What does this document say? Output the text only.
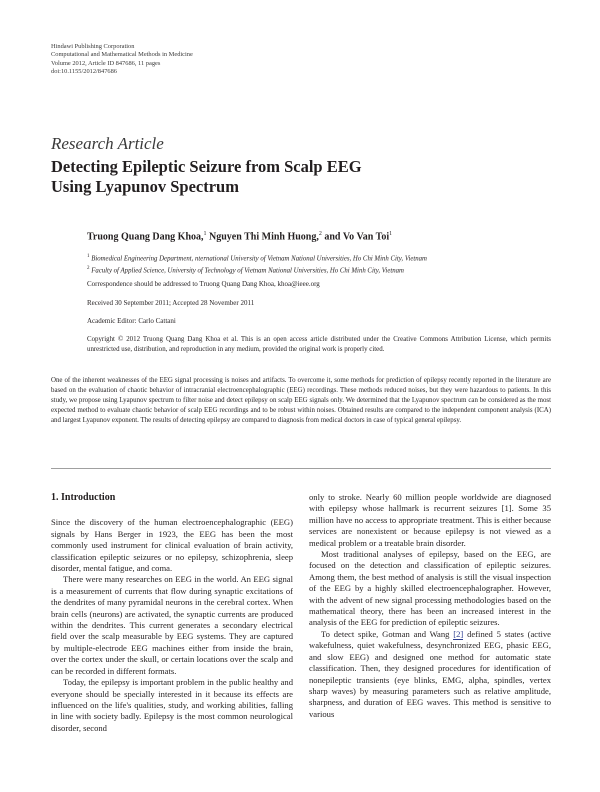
Hindawi Publishing Corporation
Computational and Mathematical Methods in Medicine
Volume 2012, Article ID 847686, 11 pages
doi:10.1155/2012/847686
Research Article
Detecting Epileptic Seizure from Scalp EEG
Using Lyapunov Spectrum
Truong Quang Dang Khoa,$^1$ Nguyen Thi Minh Huong,$^2$ and Vo Van Toi$^1$
$^1$ Biomedical Engineering Department, nternational University of Vietnam National Universities, Ho Chi Minh City, Vietnam
$^2$ Faculty of Applied Science, University of Technology of Vietnam National Universities, Ho Chi Minh City, Vietnam
Correspondence should be addressed to Truong Quang Dang Khoa, khoa@ieee.org
Received 30 September 2011; Accepted 28 November 2011
Academic Editor: Carlo Cattani
Copyright © 2012 Truong Quang Dang Khoa et al. This is an open access article distributed under the Creative Commons Attribution License, which permits unrestricted use, distribution, and reproduction in any medium, provided the original work is properly cited.
One of the inherent weaknesses of the EEG signal processing is noises and artifacts. To overcome it, some methods for prediction of epilepsy recently reported in the literature are based on the evaluation of chaotic behavior of intracranial electroencephalographic (EEG) recordings. These methods reduced noises, but they were hazardous to patients. In this study, we propose using Lyapunov spectrum to filter noise and detect epilepsy on scalp EEG signals only. We determined that the Lyapunov spectrum can be considered as the most expected method to evaluate chaotic behavior of scalp EEG recordings and to be robust within noises. Obtained results are compared to the independent component analysis (ICA) and largest Lyapunov exponent. The results of detecting epilepsy are compared to diagnosis from medical doctors in case of typical general epilepsy.

1. Introduction

Since the discovery of the human electroencephalographic (EEG) signals by Hans Berger in 1923, the EEG has been the most commonly used instrument for clinical evaluation of brain activity, classification epileptic seizures or no epilepsy, schizophrenia, sleep disorder, mental fatigue, and coma.

There were many researches on EEG in the world. An EEG signal is a measurement of currents that flow during synaptic excitations of the dendrites of many pyramidal neurons in the cerebral cortex. When brain cells (neurons) are activated, the synaptic currents are produced within the dendrites. This current generates a secondary electrical field over the scalp measurable by EEG systems. They are captured by multiple-electrode EEG machines either from inside the brain, over the cortex under the skull, or certain locations over the scalp and can be recorded in different formats.

Today, the epilepsy is important problem in the public healthy and everyone should be specially interested in it because its effects are influenced on the life's qualities, study, and working abilities, falling in line with society badly. Epilepsy is the most common neurological disorder, second

only to stroke. Nearly 60 million people worldwide are diagnosed with epilepsy whose hallmark is recurrent seizures [1]. Some 35 million have no access to appropriate treatment. This is either because services are nonexistent or because epilepsy is not viewed as a medical problem or a treatable brain disorder.

Most traditional analyses of epilepsy, based on the EEG, are focused on the detection and classification of epileptic seizures. Among them, the best method of analysis is still the visual inspection of the EEG by a highly skilled electroencephalographer. However, with the advent of new signal processing methodologies based on the mathematical theory, there has been an increased interest in the analysis of the EEG for prediction of epileptic seizures.

To detect spike, Gotman and Wang [2] defined 5 states (active wakefulness, quiet wakefulness, desynchronized EEG, phasic EEG, and slow EEG) and designed one method for automatic state classification. Then, they designed procedures for identification of nonepileptic transients (eye blinks, EMG, alpha, spindles, vertex sharp waves) by measuring parameters such as relative amplitude, sharpness, and duration of EEG waves. This method is sensitive to various
